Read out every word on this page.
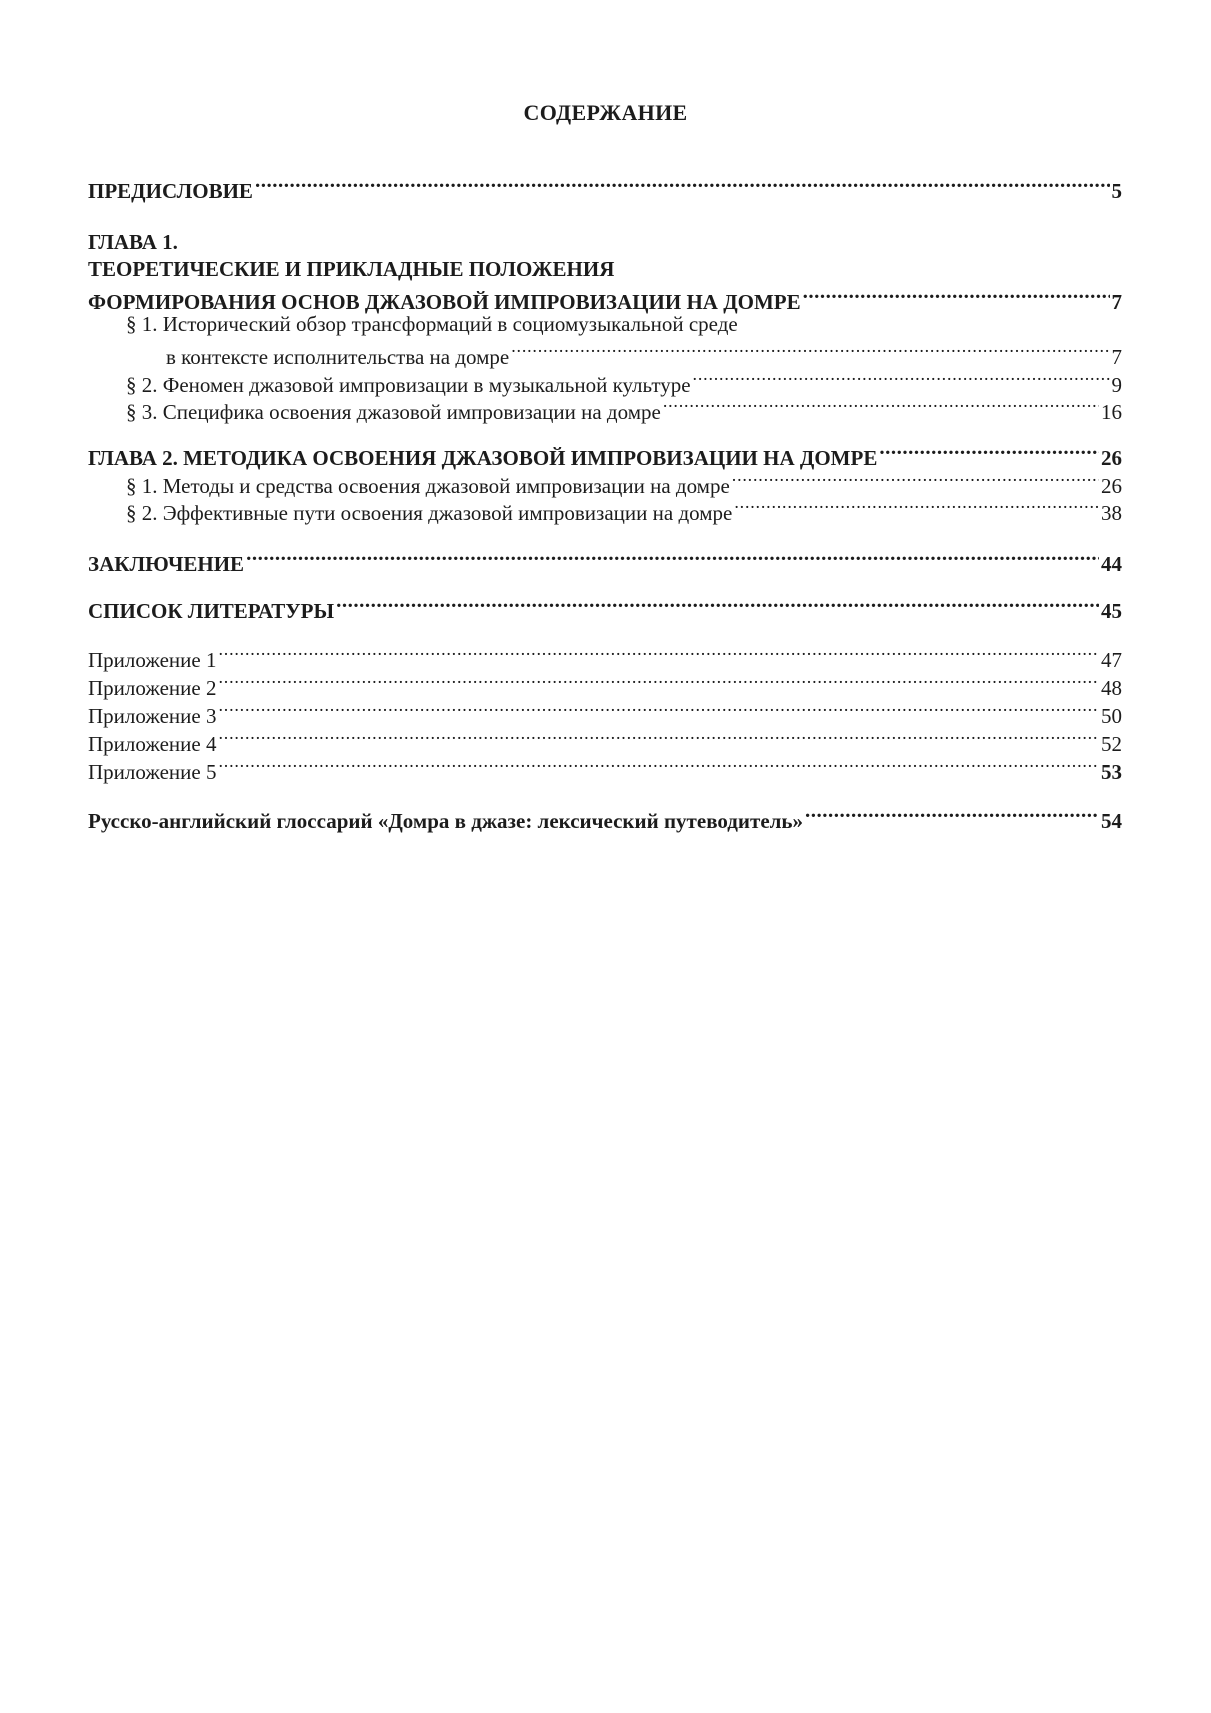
СОДЕРЖАНИЕ
ПРЕДИСЛОВИЕ .....	5
ГЛАВА 1.
ТЕОРЕТИЧЕСКИЕ И ПРИКЛАДНЫЕ ПОЛОЖЕНИЯ
ФОРМИРОВАНИЯ ОСНОВ ДЖАЗОВОЙ ИМПРОВИЗАЦИИ НА ДОМРЕ .....	7
§ 1. Исторический обзор трансформаций в социомузыкальной среде
в контексте исполнительства на домре .....	7
§ 2. Феномен джазовой импровизации в музыкальной культуре .....	9
§ 3. Специфика освоения джазовой импровизации на домре .....	16
ГЛАВА 2. МЕТОДИКА ОСВОЕНИЯ ДЖАЗОВОЙ ИМПРОВИЗАЦИИ НА ДОМРЕ .....	26
§ 1. Методы и средства освоения джазовой импровизации на домре .....	26
§ 2. Эффективные пути освоения джазовой импровизации на домре .....	38
ЗАКЛЮЧЕНИЕ .....	44
СПИСОК ЛИТЕРАТУРЫ .....	45
Приложение 1 .....	47
Приложение 2 .....	48
Приложение 3 .....	50
Приложение 4 .....	52
Приложение 5 .....	53
Русско-английский глоссарий «Домра в джазе: лексический путеводитель» .....	54
